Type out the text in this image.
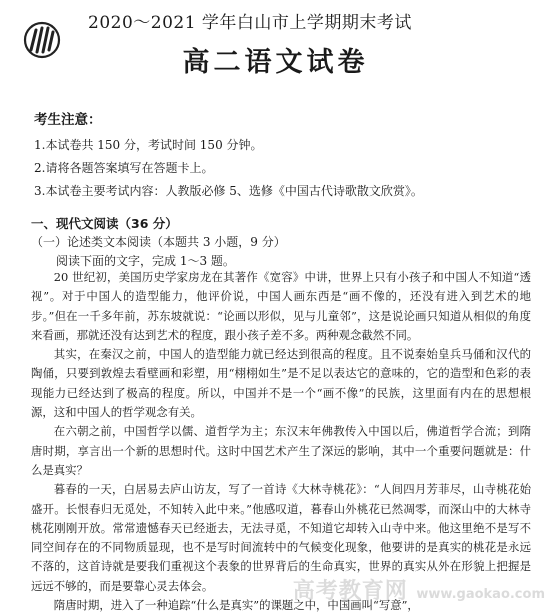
2020～2021 学年白山市上学期期末考试
高二语文试卷
考生注意：
1.本试卷共 150 分，考试时间 150 分钟。
2.请将各题答案填写在答题卡上。
3.本试卷主要考试内容：人教版必修 5、选修《中国古代诗歌散文欣赏》。
一、现代文阅读（36 分）
（一）论述类文本阅读（本题共 3 小题，9 分）
阅读下面的文字，完成 1～3 题。

20 世纪初，美国历史学家房龙在其著作《宽容》中讲，世界上只有小孩子和中国人不知道“透视”。对于中国人的造型能力，他评价说，中国人画东西是“画不像的，还没有进入到艺术的地步。”但在一千多年前，苏东坡就说：“论画以形似，见与儿童邻”，这是说论画只知道从相似的角度来看画，那就还没有达到艺术的程度，跟小孩子差不多。两种观念截然不同。

其实，在秦汉之前，中国人的造型能力就已经达到很高的程度。且不说秦始皇兵马俑和汉代的陶俑，只要到敦煌去看壁画和彩塑，用“栩栩如生”是不足以表达它的意味的，它的造型和色彩的表现能力已经达到了极高的程度。所以，中国并不是一个“画不像”的民族，这里面有内在的思想根源，这和中国人的哲学观念有关。

在六朝之前，中国哲学以儒、道哲学为主；东汉末年佛教传入中国以后，佛道哲学合流；到隋唐时期，享言出一个新的思想时代。这时中国艺术产生了深远的影响，其中一个重要问题就是：什么是真实？

暮春的一天，白居易去庐山访友，写了一首诗《大林寺桃花》：“人间四月芳菲尽，山寺桃花始盛开。长恨春归无觅处，不知转入此中来。”他感叹道，暮春山外桃花已然凋零，而深山中的大林寺桃花刚刚开放。常常遗憾春天已经逝去，无法寻觅，不知道它却转入山寺中来。他这里绝不是写不同空间存在的不同物质显现，也不是写时间流转中的气候变化现象，他要讲的是真实的桃花是永远不落的，这首诗就是要我们重视这个表象的世界背后的生命真实，世界的真实从外在形貌上把握是远远不够的，而是要靠心灵去体会。

隋唐时期，进入了一种追踪“什么是真实”的课题之中，中国画叫“写意”，

高考教育网 www.gaokao.com
